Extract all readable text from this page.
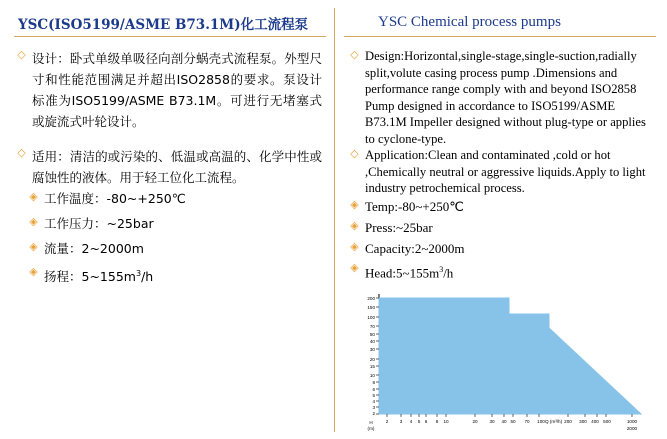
YSC(ISO5199/ASME B73.1M)化工流程泵	YSC Chemical process pumps
◇
设计：卧式单级单吸径向剖分蜗壳式流程泵。外型尺寸和性能范围满足并超出ISO2858的要求。泵设计标准为ISO5199/ASME B73.1M。可进行无堵塞式或旋流式叶轮设计。
◇
适用：清洁的或污染的、低温或高温的、化学中性或腐蚀性的液体。用于轻工位化工流程。
◈
工作温度：-80~+250℃
◈
工作压力：~25bar
◈
流量：2~2000m
◈
扬程：$5\sim 155m^3/h$
◇
Design:Horizontal,single-stage,single-suction,radially split,volute casing process pump .Dimensions and performance range comply with and beyond ISO2858 Pump designed in accordance to ISO5199/ASME B73.1M Impeller designed without plug-type or applies to cyclone-type.
◇
Application:Clean and contaminated ,cold or hot ,Chemically neutral or aggressive liquids.Apply to light industry petrochemical process.
◈
Temp:-80~+250℃
◈
Press:~25bar
◈
Capacity:2~2000m
◈
$Head:5\sim 155m^3/h$
200
150
100
70
50
40
30
20
15
10
8
6
5
4
3
2
H
(m)
2 3 4 5 6 8 10	20	30 40 50 70 100	200 300 400 500	1000
2000
Q (m³/h)
